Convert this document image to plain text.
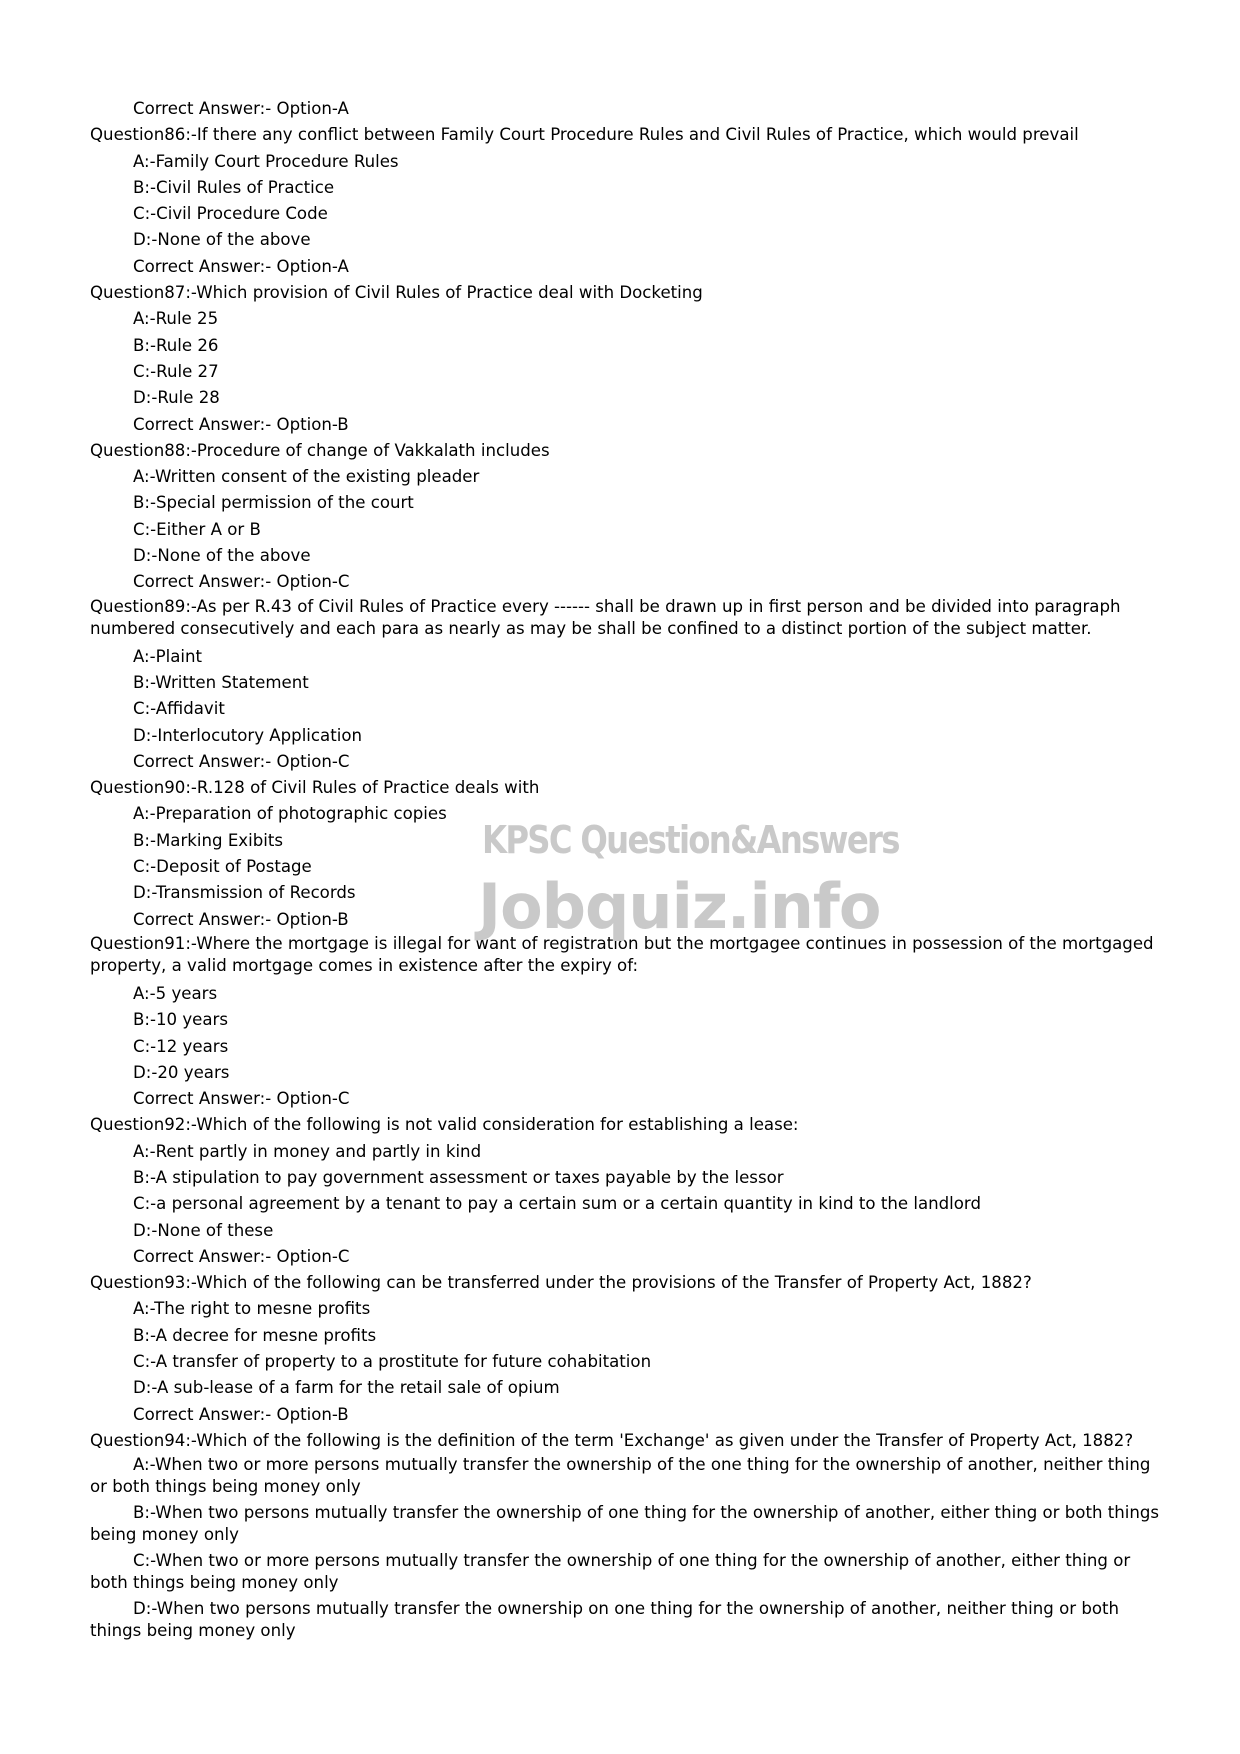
Correct Answer:- Option-A
Question86:-If there any conflict between Family Court Procedure Rules and Civil Rules of Practice, which would prevail
A:-Family Court Procedure Rules
B:-Civil Rules of Practice
C:-Civil Procedure Code
D:-None of the above
Correct Answer:- Option-A
Question87:-Which provision of Civil Rules of Practice deal with Docketing
A:-Rule 25
B:-Rule 26
C:-Rule 27
D:-Rule 28
Correct Answer:- Option-B
Question88:-Procedure of change of Vakkalath includes
A:-Written consent of the existing pleader
B:-Special permission of the court
C:-Either A or B
D:-None of the above
Correct Answer:- Option-C
Question89:-As per R.43 of Civil Rules of Practice every ------ shall be drawn up in first person and be divided into paragraph numbered consecutively and each para as nearly as may be shall be confined to a distinct portion of the subject matter.
A:-Plaint
B:-Written Statement
C:-Affidavit
D:-Interlocutory Application
Correct Answer:- Option-C
Question90:-R.128 of Civil Rules of Practice deals with
A:-Preparation of photographic copies
B:-Marking Exibits
C:-Deposit of Postage
D:-Transmission of Records
Correct Answer:- Option-B
Question91:-Where the mortgage is illegal for want of registration but the mortgagee continues in possession of the mortgaged property, a valid mortgage comes in existence after the expiry of:
A:-5 years
B:-10 years
C:-12 years
D:-20 years
Correct Answer:- Option-C
Question92:-Which of the following is not valid consideration for establishing a lease:
A:-Rent partly in money and partly in kind
B:-A stipulation to pay government assessment or taxes payable by the lessor
C:-a personal agreement by a tenant to pay a certain sum or a certain quantity in kind to the landlord
D:-None of these
Correct Answer:- Option-C
Question93:-Which of the following can be transferred under the provisions of the Transfer of Property Act, 1882?
A:-The right to mesne profits
B:-A decree for mesne profits
C:-A transfer of property to a prostitute for future cohabitation
D:-A sub-lease of a farm for the retail sale of opium
Correct Answer:- Option-B
Question94:-Which of the following is the definition of the term 'Exchange' as given under the Transfer of Property Act, 1882?
A:-When two or more persons mutually transfer the ownership of the one thing for the ownership of another, neither thing or both things being money only
B:-When two persons mutually transfer the ownership of one thing for the ownership of another, either thing or both things being money only
C:-When two or more persons mutually transfer the ownership of one thing for the ownership of another, either thing or both things being money only
D:-When two persons mutually transfer the ownership on one thing for the ownership of another, neither thing or both things being money only
KPSC Question&Answers
Jobquiz.info
